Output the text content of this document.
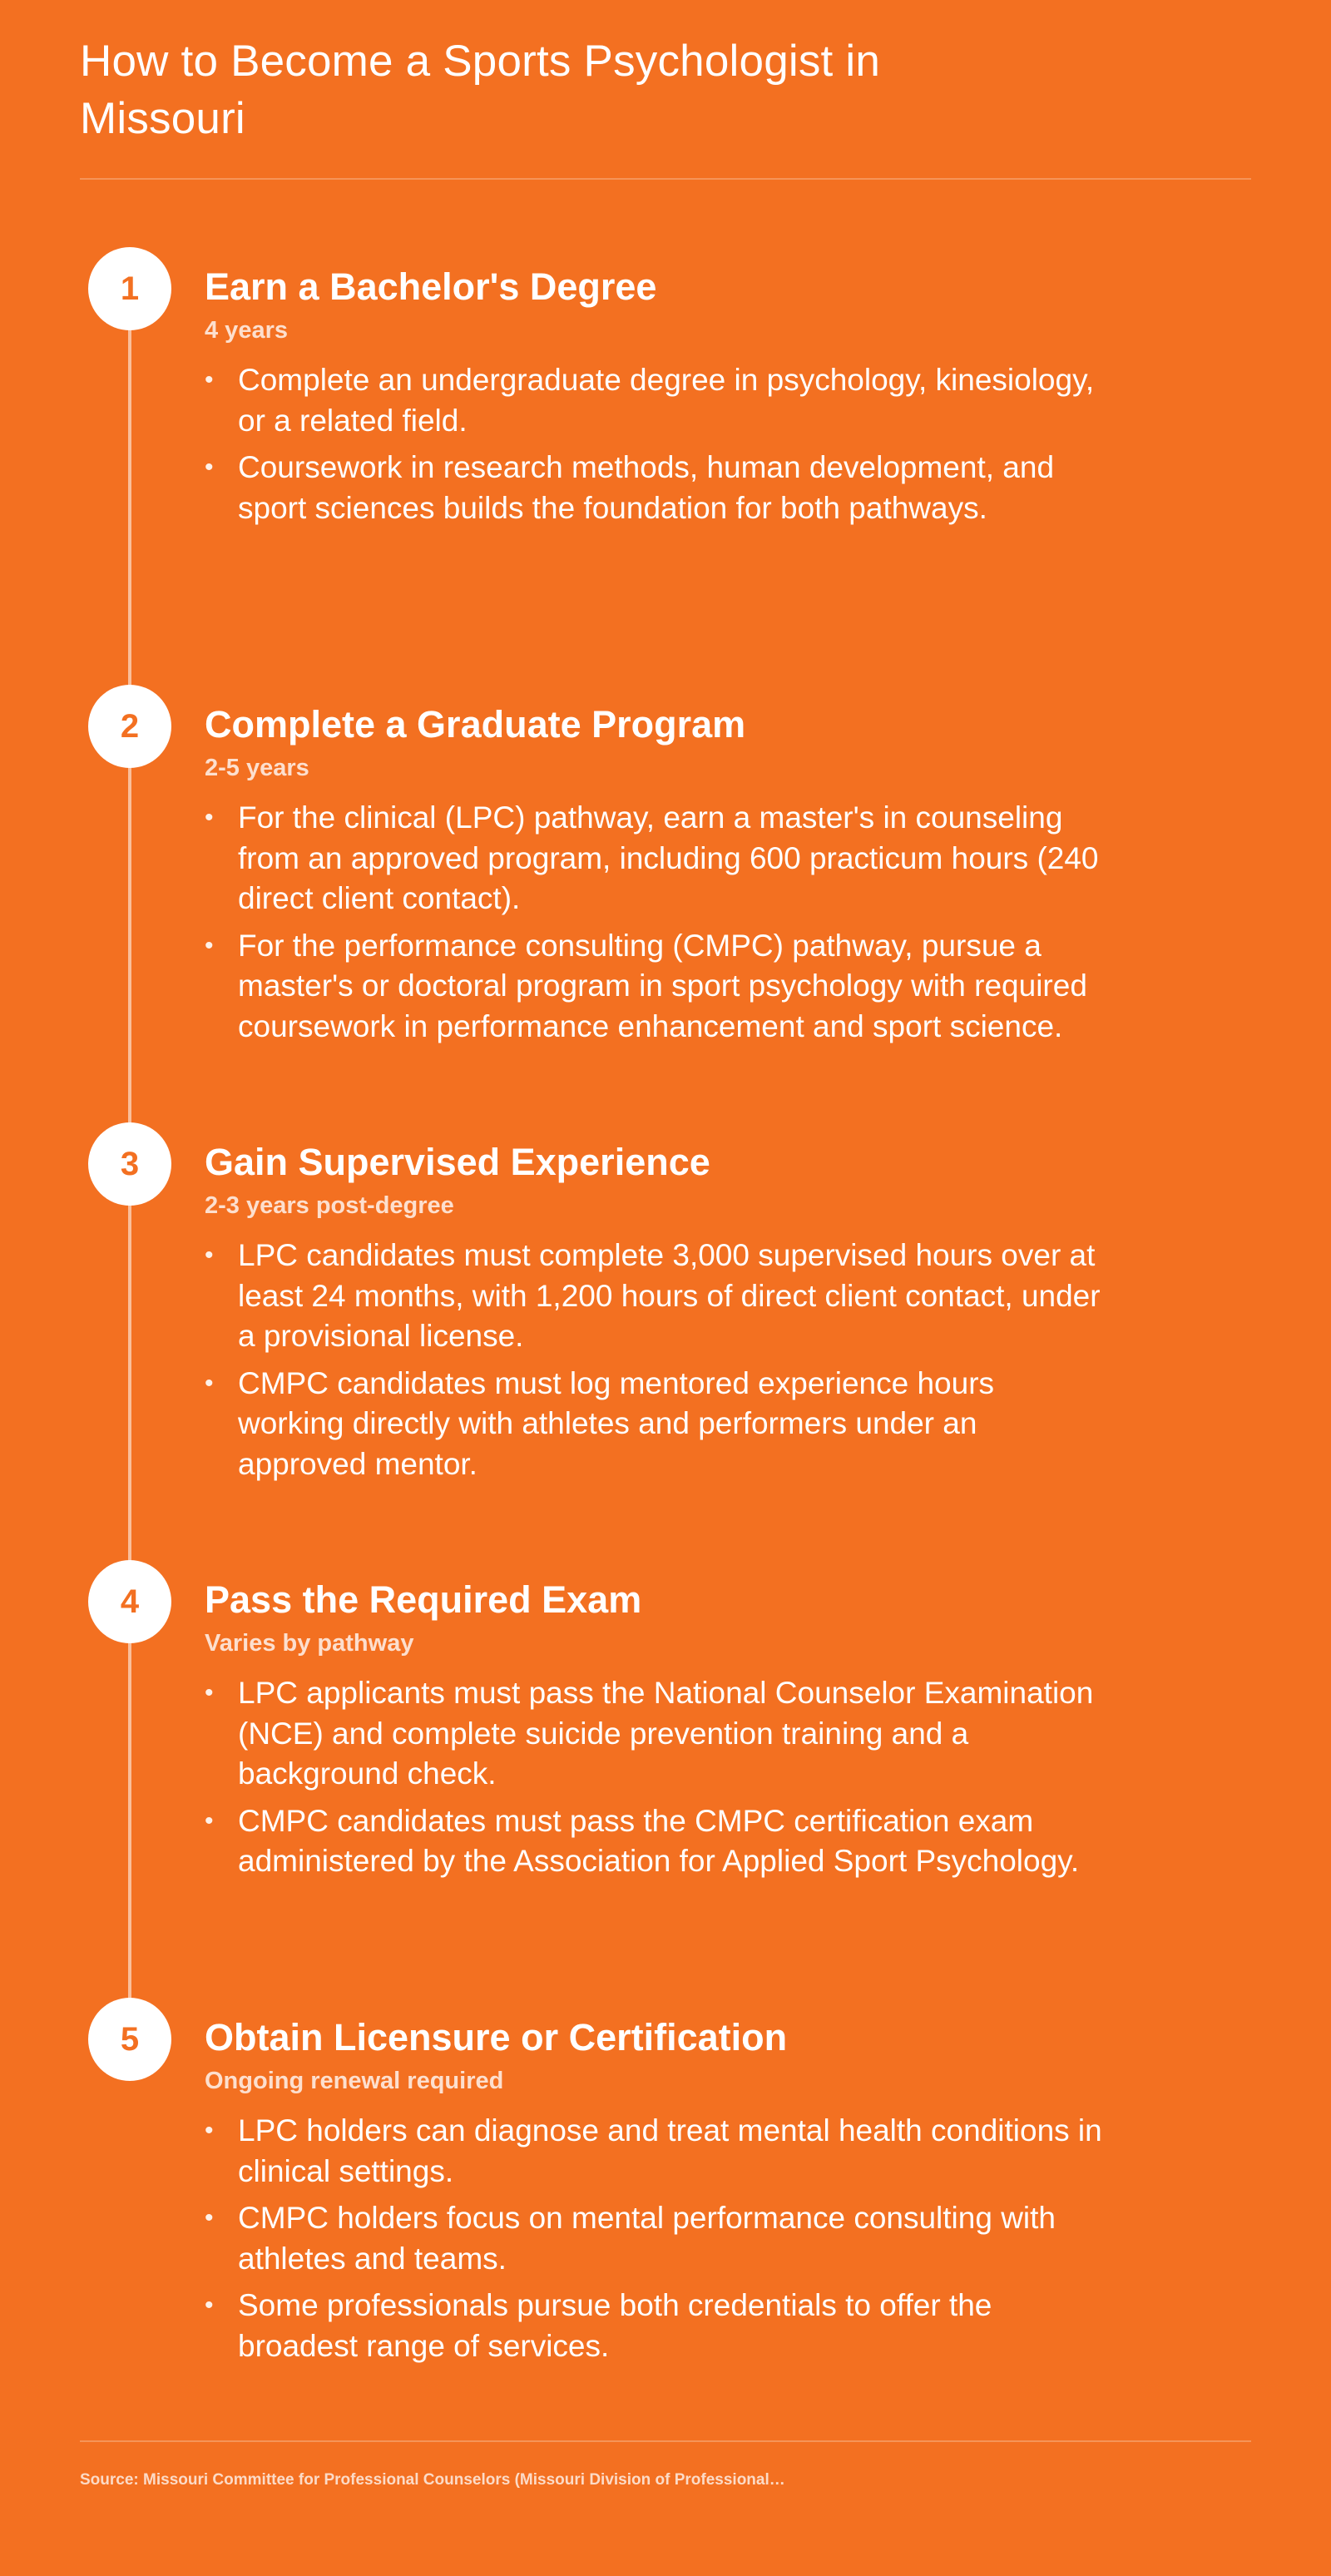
How to Become a Sports Psychologist in Missouri
1	Earn a Bachelor's Degree
4 years
• Complete an undergraduate degree in psychology, kinesiology, or a related field.
• Coursework in research methods, human development, and sport sciences builds the foundation for both pathways.
2	Complete a Graduate Program
2-5 years
• For the clinical (LPC) pathway, earn a master's in counseling from an approved program, including 600 practicum hours (240 direct client contact).
• For the performance consulting (CMPC) pathway, pursue a master's or doctoral program in sport psychology with required coursework in performance enhancement and sport science.
3	Gain Supervised Experience
2-3 years post-degree
• LPC candidates must complete 3,000 supervised hours over at least 24 months, with 1,200 hours of direct client contact, under a provisional license.
• CMPC candidates must log mentored experience hours working directly with athletes and performers under an approved mentor.
4	Pass the Required Exam
Varies by pathway
• LPC applicants must pass the National Counselor Examination (NCE) and complete suicide prevention training and a background check.
• CMPC candidates must pass the CMPC certification exam administered by the Association for Applied Sport Psychology.
5	Obtain Licensure or Certification
Ongoing renewal required
• LPC holders can diagnose and treat mental health conditions in clinical settings.
• CMPC holders focus on mental performance consulting with athletes and teams.
• Some professionals pursue both credentials to offer the broadest range of services.
Source: Missouri Committee for Professional Counselors (Missouri Division of Professional…
